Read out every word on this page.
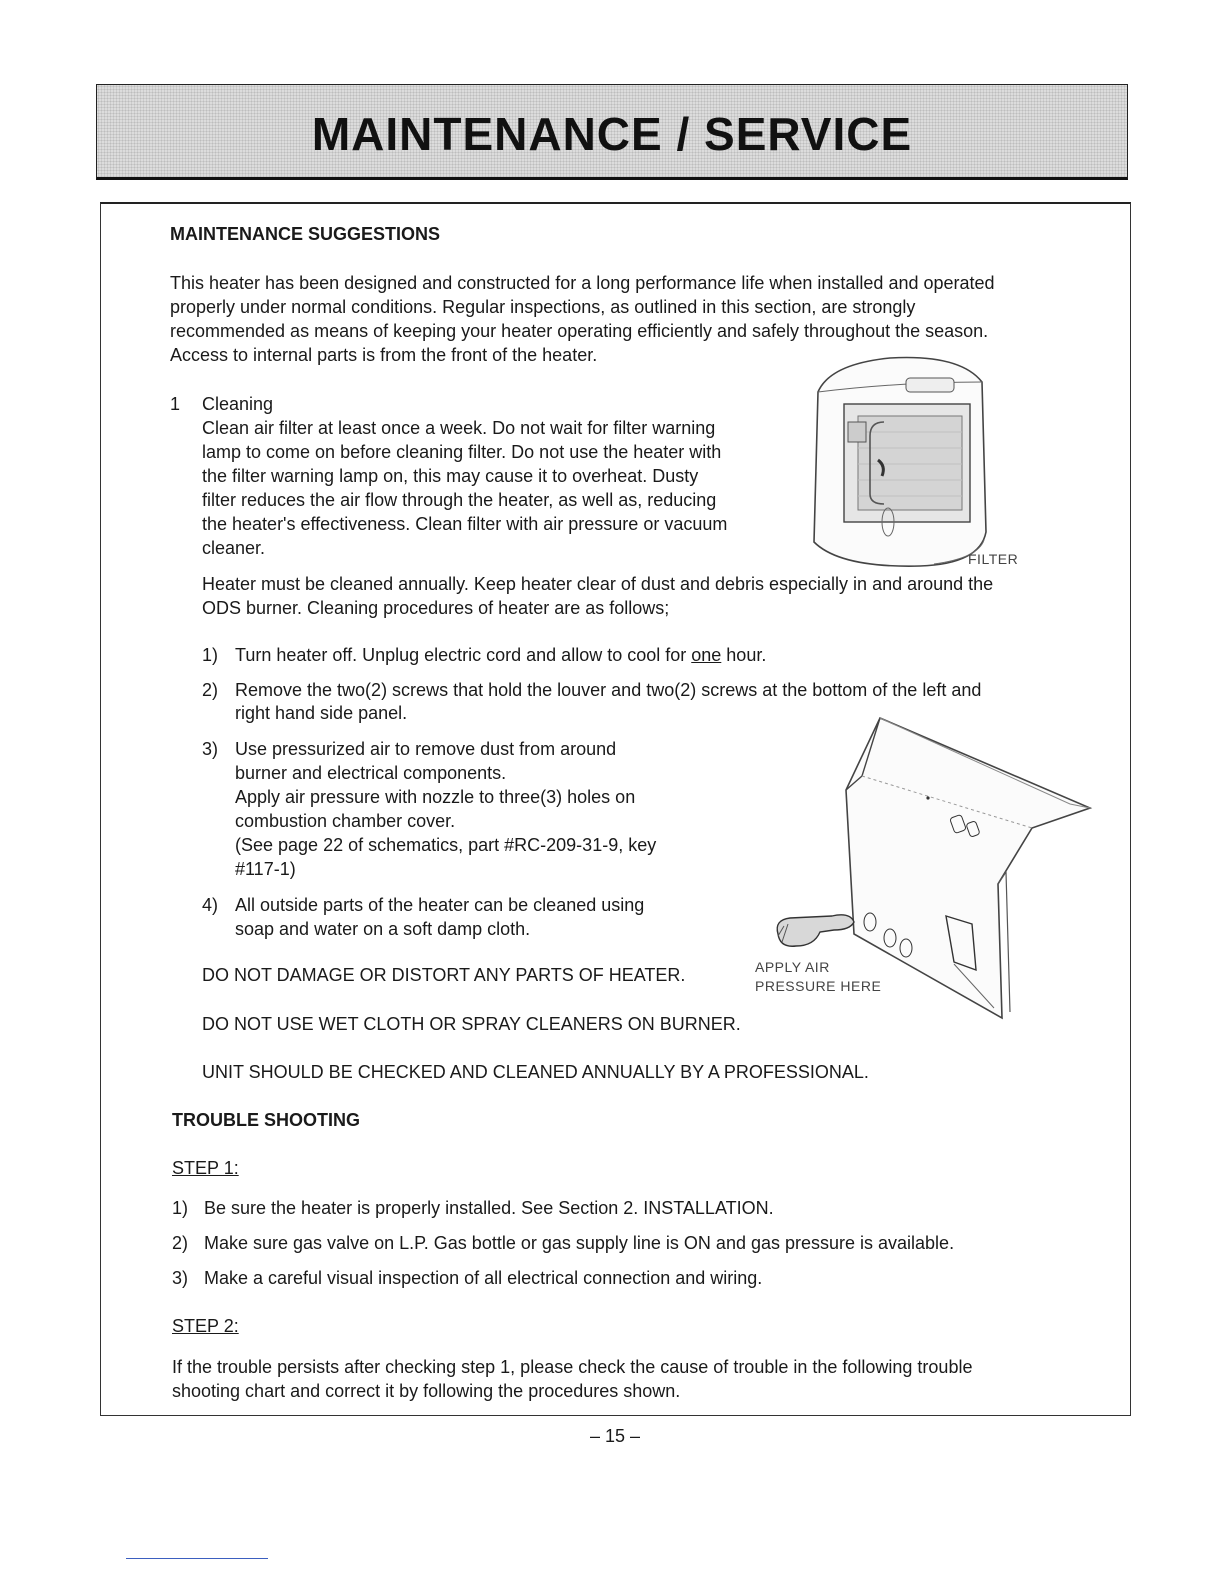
MAINTENANCE / SERVICE
MAINTENANCE SUGGESTIONS
This heater has been designed and constructed for a long performance life when installed and operated
properly under normal conditions. Regular inspections, as outlined in this section, are strongly
recommended as means of keeping your heater operating efficiently and safely throughout the season.
Access to internal parts is from the front of the heater.
1 Cleaning
Clean air filter at least once a week. Do not wait for filter warning
lamp to come on before cleaning filter. Do not use the heater with
the filter warning lamp on, this may cause it to overheat. Dusty
filter reduces the air flow through the heater, as well as, reducing
the heater's effectiveness. Clean filter with air pressure or vacuum
cleaner.
FILTER
Heater must be cleaned annually. Keep heater clear of dust and debris especially in and around the
ODS burner. Cleaning procedures of heater are as follows;
1) Turn heater off. Unplug electric cord and allow to cool for one hour.
2) Remove the two(2) screws that hold the louver and two(2) screws at the bottom of the left and
right hand side panel.
3) Use pressurized air to remove dust from around
burner and electrical components.
Apply air pressure with nozzle to three(3) holes on
combustion chamber cover.
(See page 22 of schematics, part #RC-209-31-9, key
#117-1)
4) All outside parts of the heater can be cleaned using
soap and water on a soft damp cloth.
APPLY AIR
PRESSURE HERE
DO NOT DAMAGE OR DISTORT ANY PARTS OF HEATER.
DO NOT USE WET CLOTH OR SPRAY CLEANERS ON BURNER.
UNIT SHOULD BE CHECKED AND CLEANED ANNUALLY BY A PROFESSIONAL.
TROUBLE SHOOTING
STEP 1:
1) Be sure the heater is properly installed. See Section 2. INSTALLATION.
2) Make sure gas valve on L.P. Gas bottle or gas supply line is ON and gas pressure is available.
3) Make a careful visual inspection of all electrical connection and wiring.
STEP 2:
If the trouble persists after checking step 1, please check the cause of trouble in the following trouble
shooting chart and correct it by following the procedures shown.
– 15 –
